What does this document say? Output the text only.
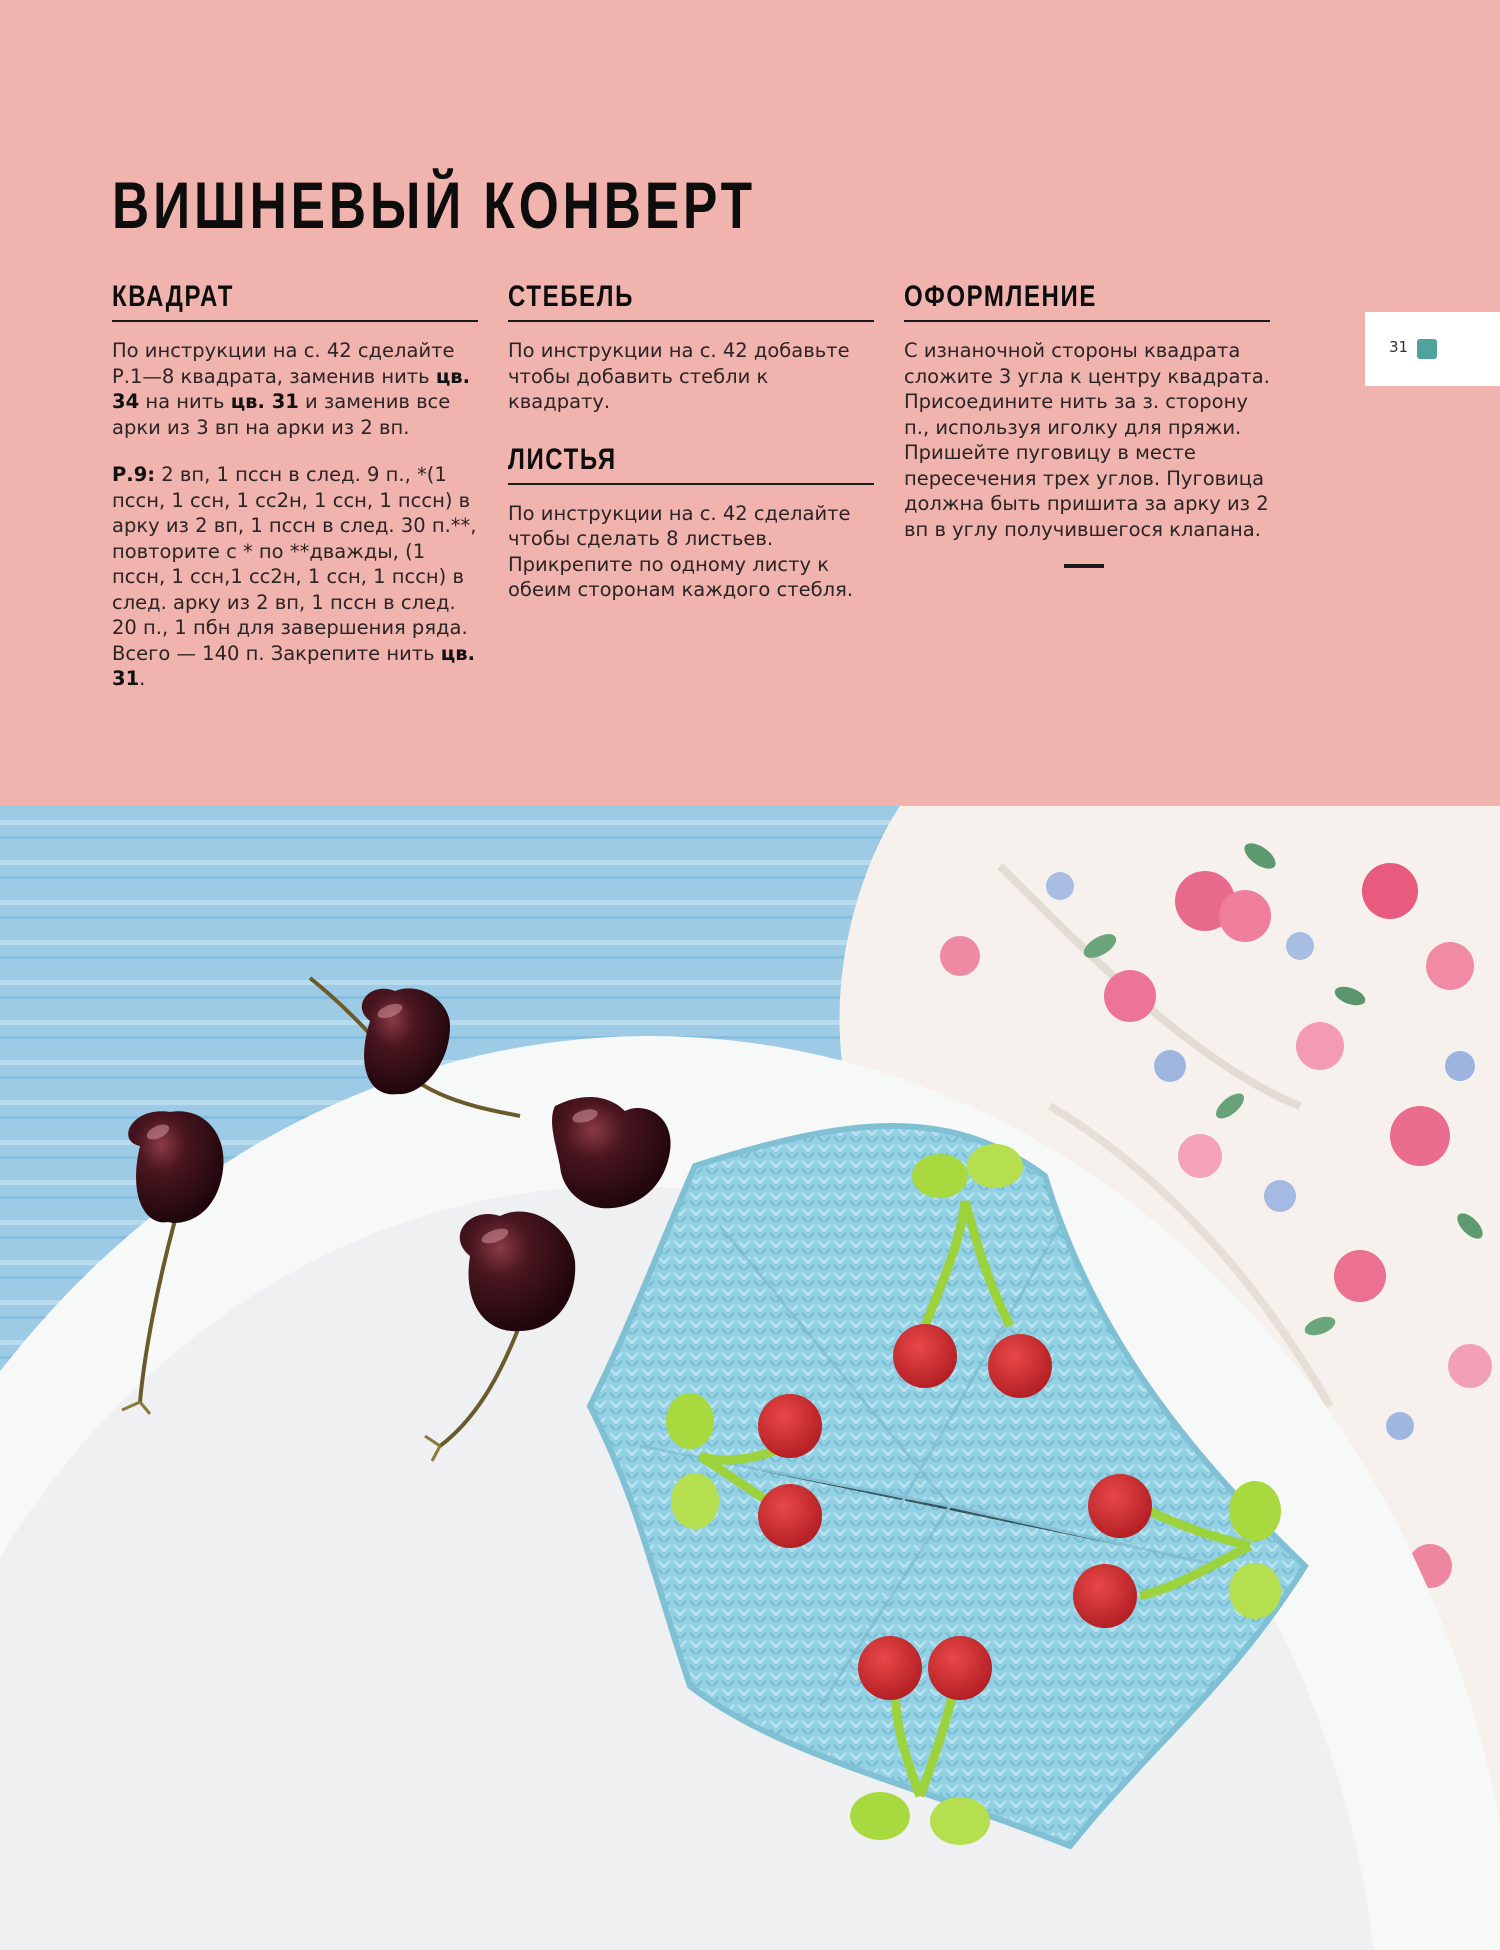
ВИШНЕВЫЙ КОНВЕРТ
КВАДРАТ

По инструкции на с. 42 сделайте Р.1—8 квадрата, заменив нить цв. 34 на нить цв. 31 и заменив все арки из 3 вп на арки из 2 вп.

Р.9: 2 вп, 1 пссн в след. 9 п., *(1 пссн, 1 ссн, 1 сс2н, 1 ссн, 1 пссн) в арку из 2 вп, 1 пссн в след. 30 п.**, повторите с * по **дважды, (1 пссн, 1 ссн,1 сс2н, 1 ссн, 1 пссн) в след. арку из 2 вп, 1 пссн в след. 20 п., 1 пбн для завершения ряда. Всего — 140 п. Закрепите нить цв. 31.

СТЕБЕЛЬ

По инструкции на с. 42 добавьте чтобы добавить стебли к квадрату.

ЛИСТЬЯ

По инструкции на с. 42 сделайте чтобы сделать 8 листьев. Прикрепите по одному листу к обеим сторонам каждого стебля.

ОФОРМЛЕНИЕ

С изнаночной стороны квадрата сложите 3 угла к центру квадрата. Присоедините нить за з. сторону п., используя иголку для пряжи. Пришейте пуговицу в месте пересечения трех углов. Пуговица должна быть пришита за арку из 2 вп в углу получившегося клапана.

31
